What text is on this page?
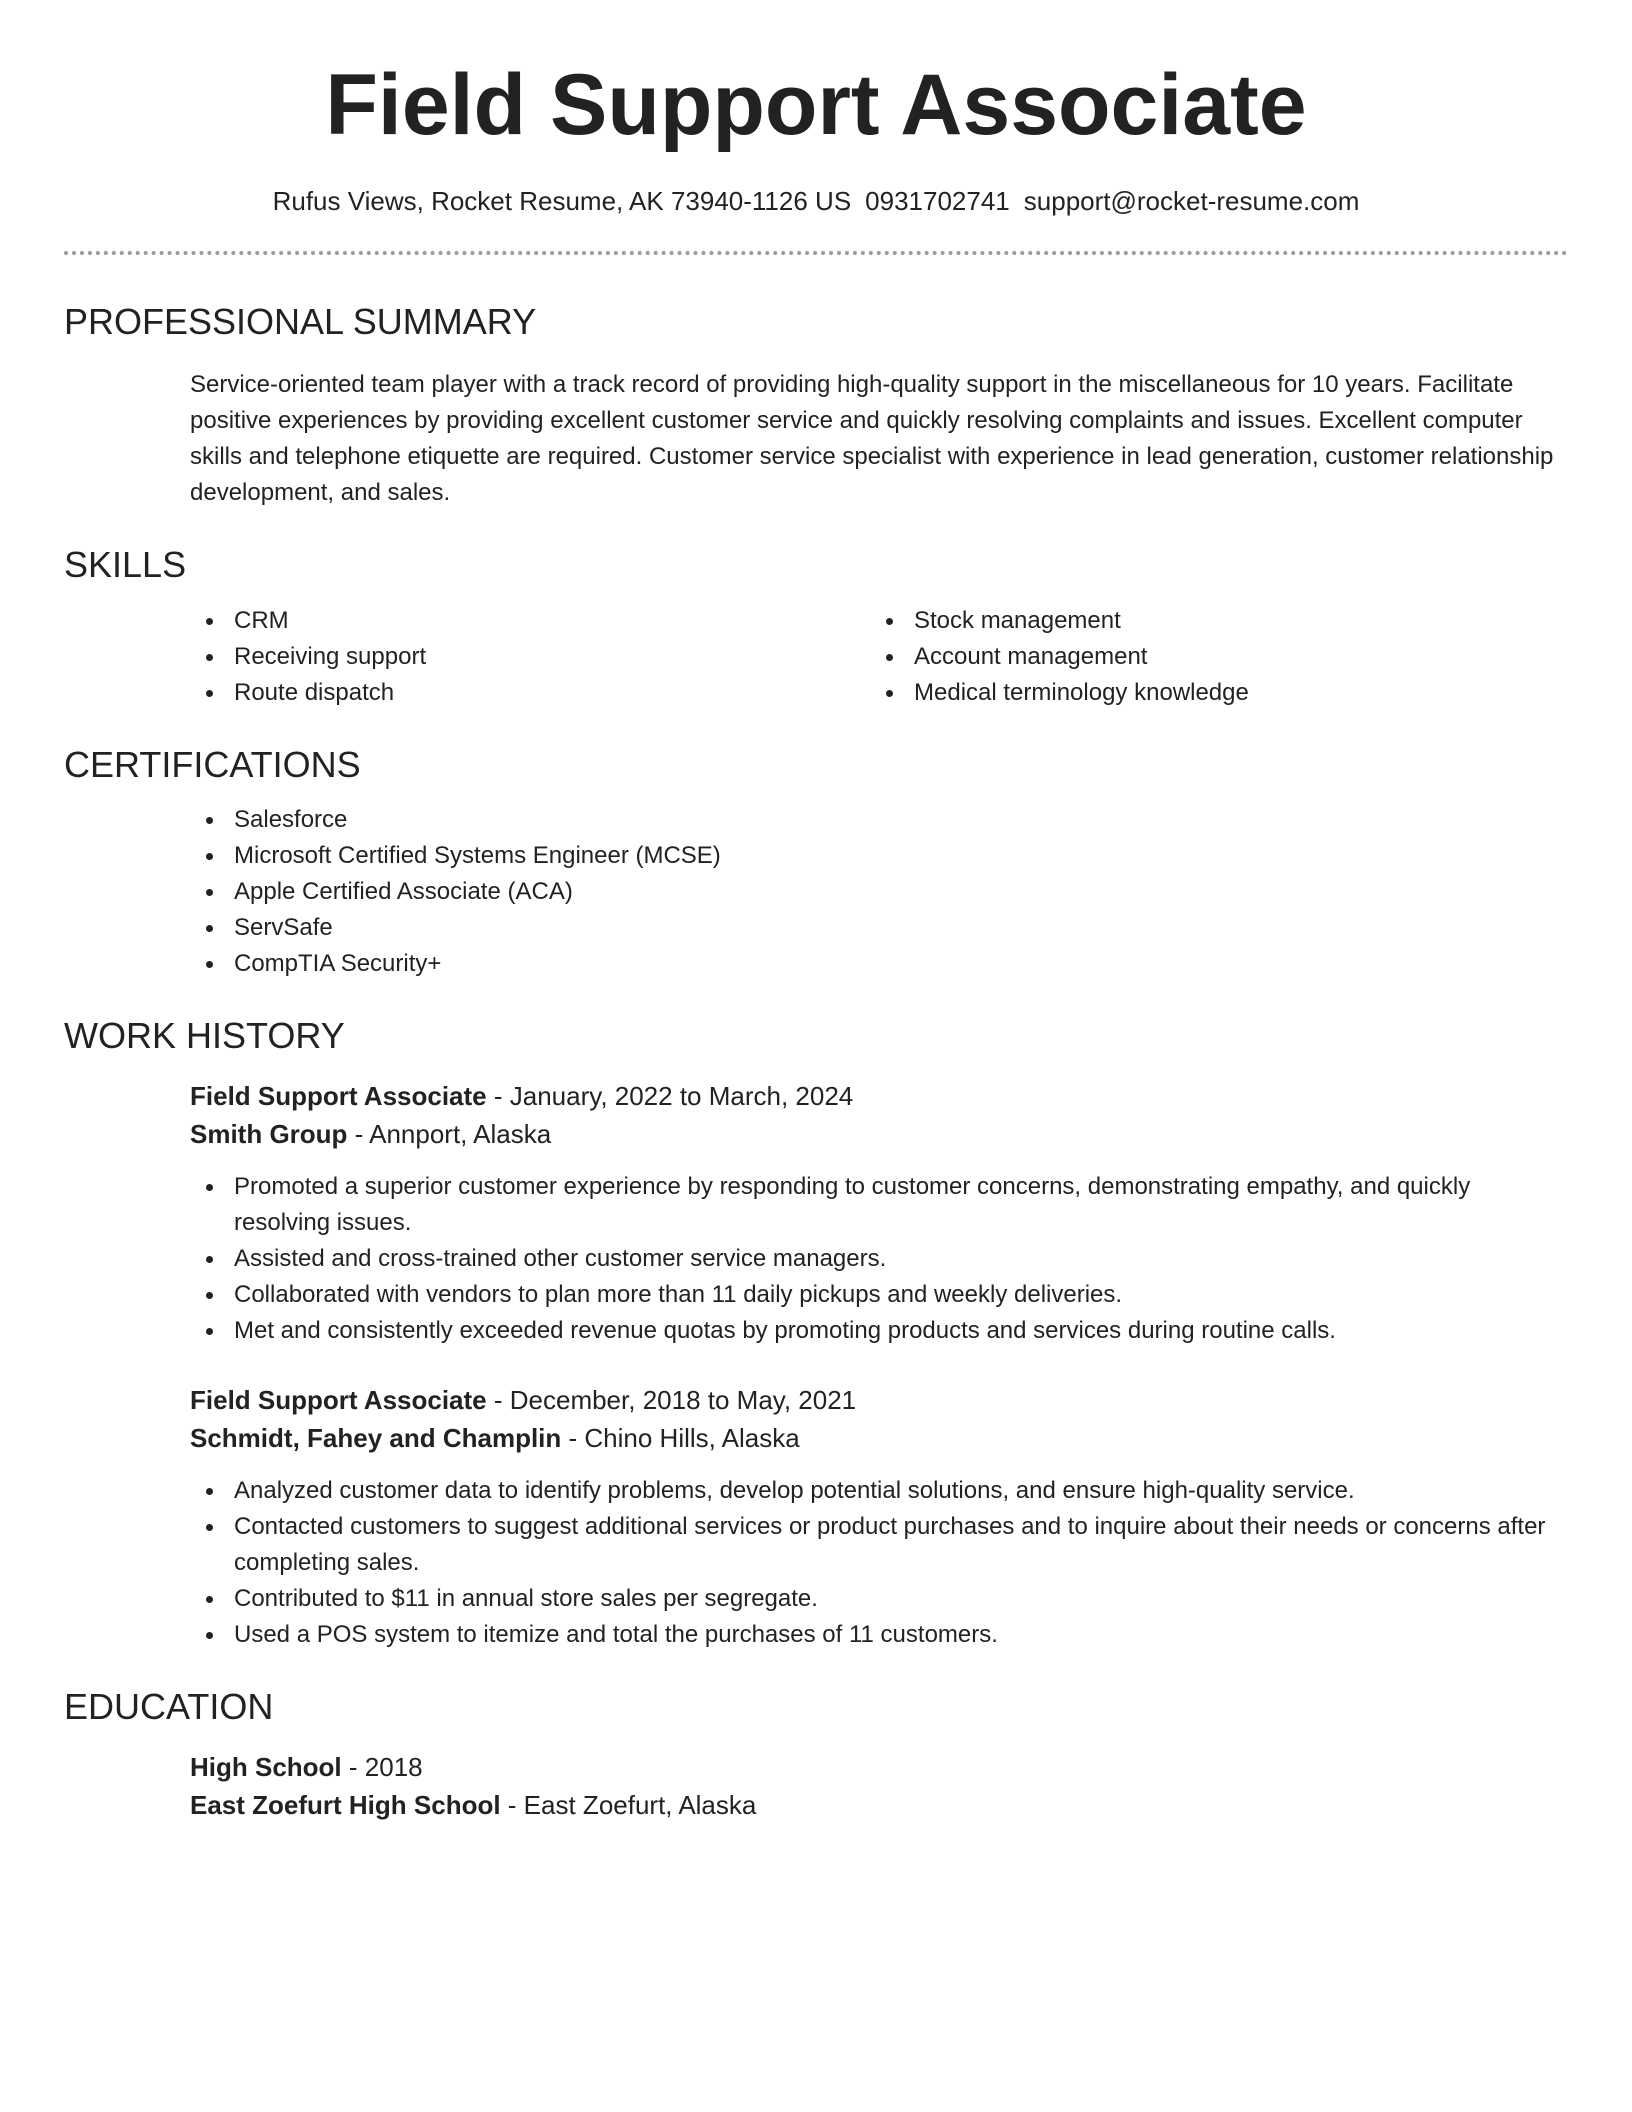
Field Support Associate
Rufus Views, Rocket Resume, AK 73940-1126 US 0931702741 support@rocket-resume.com
PROFESSIONAL SUMMARY

Service-oriented team player with a track record of providing high-quality support in the miscellaneous for 10 years. Facilitate positive experiences by providing excellent customer service and quickly resolving complaints and issues. Excellent computer skills and telephone etiquette are required. Customer service specialist with experience in lead generation, customer relationship development, and sales.

SKILLS
CRM
Receiving support
Route dispatch
Stock management
Account management
Medical terminology knowledge
CERTIFICATIONS
Salesforce
Microsoft Certified Systems Engineer (MCSE)
Apple Certified Associate (ACA)
ServSafe
CompTIA Security+
WORK HISTORY
Field Support Associate - January, 2022 to March, 2024
Smith Group - Annport, Alaska
Promoted a superior customer experience by responding to customer concerns, demonstrating empathy, and quickly resolving issues.
Assisted and cross-trained other customer service managers.
Collaborated with vendors to plan more than 11 daily pickups and weekly deliveries.
Met and consistently exceeded revenue quotas by promoting products and services during routine calls.
Field Support Associate - December, 2018 to May, 2021
Schmidt, Fahey and Champlin - Chino Hills, Alaska
Analyzed customer data to identify problems, develop potential solutions, and ensure high-quality service.
Contacted customers to suggest additional services or product purchases and to inquire about their needs or concerns after completing sales.
Contributed to $11 in annual store sales per segregate.
Used a POS system to itemize and total the purchases of 11 customers.
EDUCATION
High School - 2018
East Zoefurt High School - East Zoefurt, Alaska
